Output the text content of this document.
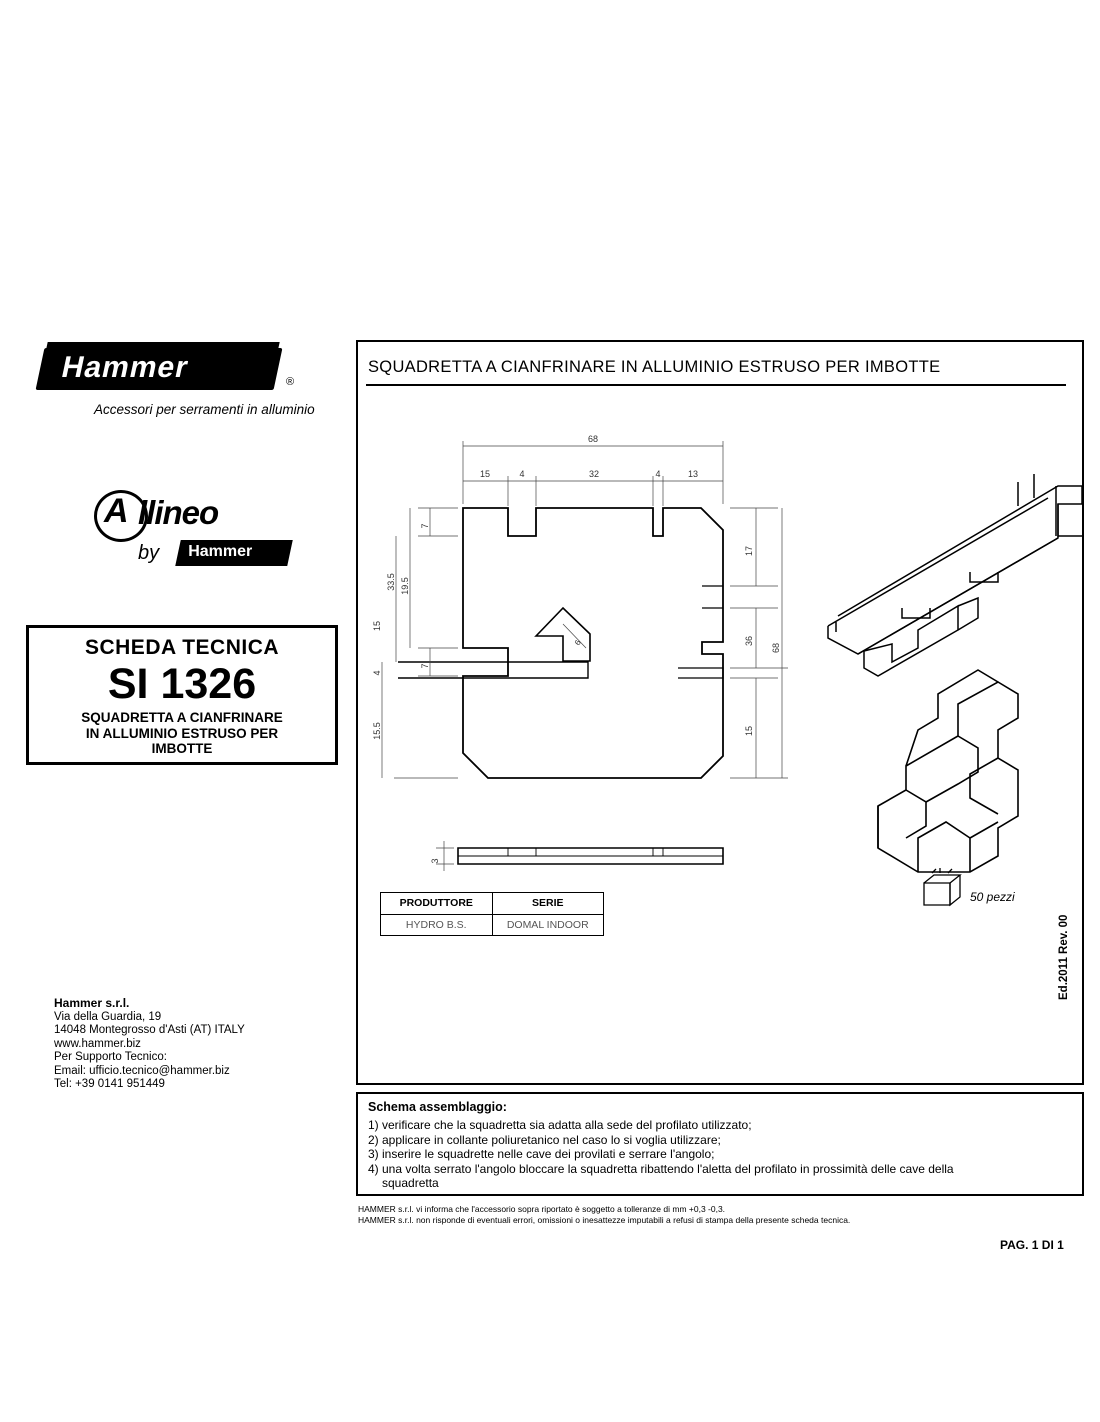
Hammer	®
Accessori per serramenti in alluminio
A llineo
by Hammer
SCHEDA TECNICA
SI 1326
SQUADRETTA A CIANFRINARE
IN ALLUMINIO ESTRUSO PER
IMBOTTE
Hammer s.r.l.
Via della Guardia, 19
14048 Montegrosso d'Asti (AT) ITALY
www.hammer.biz
Per Supporto Tecnico:
Email: ufficio.tecnico@hammer.biz
Tel: +39 0141 951449
SQUADRETTA A CIANFRINARE IN ALLUMINIO ESTRUSO PER IMBOTTE
68
15	4	32	4	13
7
19.5
7
33.5
15
4
15.5
17
36
15
68
6
3
PRODUTTORE	SERIE
HYDRO B.S.	DOMAL INDOOR
50 pezzi
Schema assemblaggio:
1) verificare che la squadretta sia adatta alla sede del profilato utilizzato;
2) applicare in collante poliuretanico nel caso lo si voglia utilizzare;
3) inserire le squadrette nelle cave dei provilati e serrare l'angolo;
4) una volta serrato l'angolo bloccare la squadretta ribattendo l'aletta del profilato in prossimità delle cave della
squadretta
Ed.2011 Rev. 00
HAMMER s.r.l. vi informa che l'accessorio sopra riportato è soggetto a tolleranze di mm +0,3 -0,3.
HAMMER s.r.l. non risponde di eventuali errori, omissioni o inesattezze imputabili a refusi di stampa della presente scheda tecnica.
PAG. 1 DI 1
